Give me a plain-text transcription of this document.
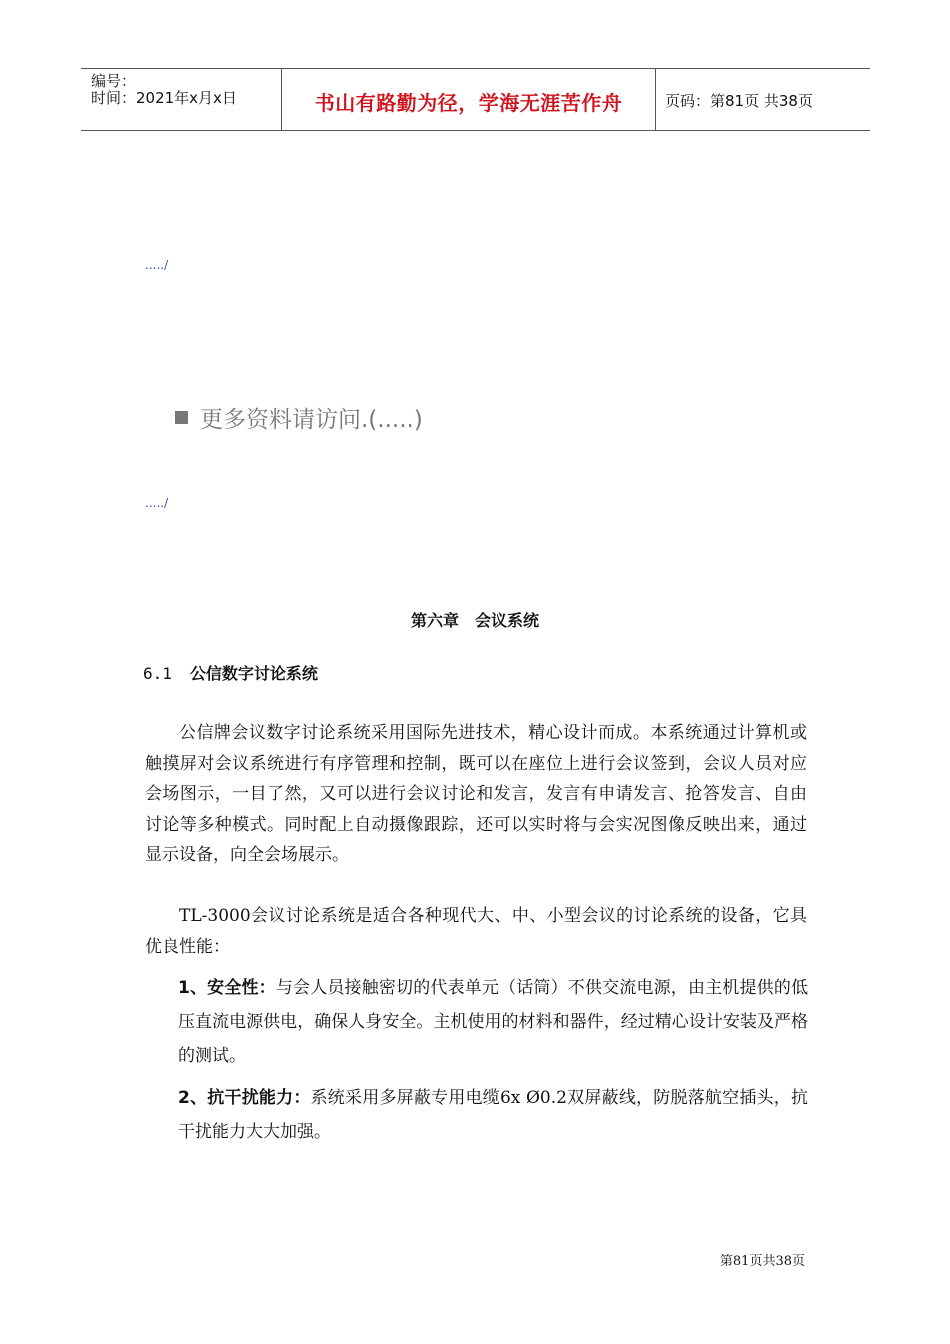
编号：
时间：2021年x月x日	书山有路勤为径，学海无涯苦作舟	页码：第81页 共38页
...../
更多资料请访问.(.....)
...../
第六章　会议系统
6.1 公信数字讨论系统
公信牌会议数字讨论系统采用国际先进技术，精心设计而成。本系统通过计算机或触摸屏对会议系统进行有序管理和控制，既可以在座位上进行会议签到，会议人员对应会场图示，一目了然，又可以进行会议讨论和发言，发言有申请发言、抢答发言、自由讨论等多种模式。同时配上自动摄像跟踪，还可以实时将与会实况图像反映出来，通过显示设备，向全会场展示。
TL-3000会议讨论系统是适合各种现代大、中、小型会议的讨论系统的设备，它具优良性能：
1、安全性：与会人员接触密切的代表单元（话筒）不供交流电源，由主机提供的低压直流电源供电，确保人身安全。主机使用的材料和器件，经过精心设计安装及严格的测试。
2、抗干扰能力：系统采用多屏蔽专用电缆6x Ø0.2双屏蔽线，防脱落航空插头，抗干扰能力大大加强。
第81页共38页
